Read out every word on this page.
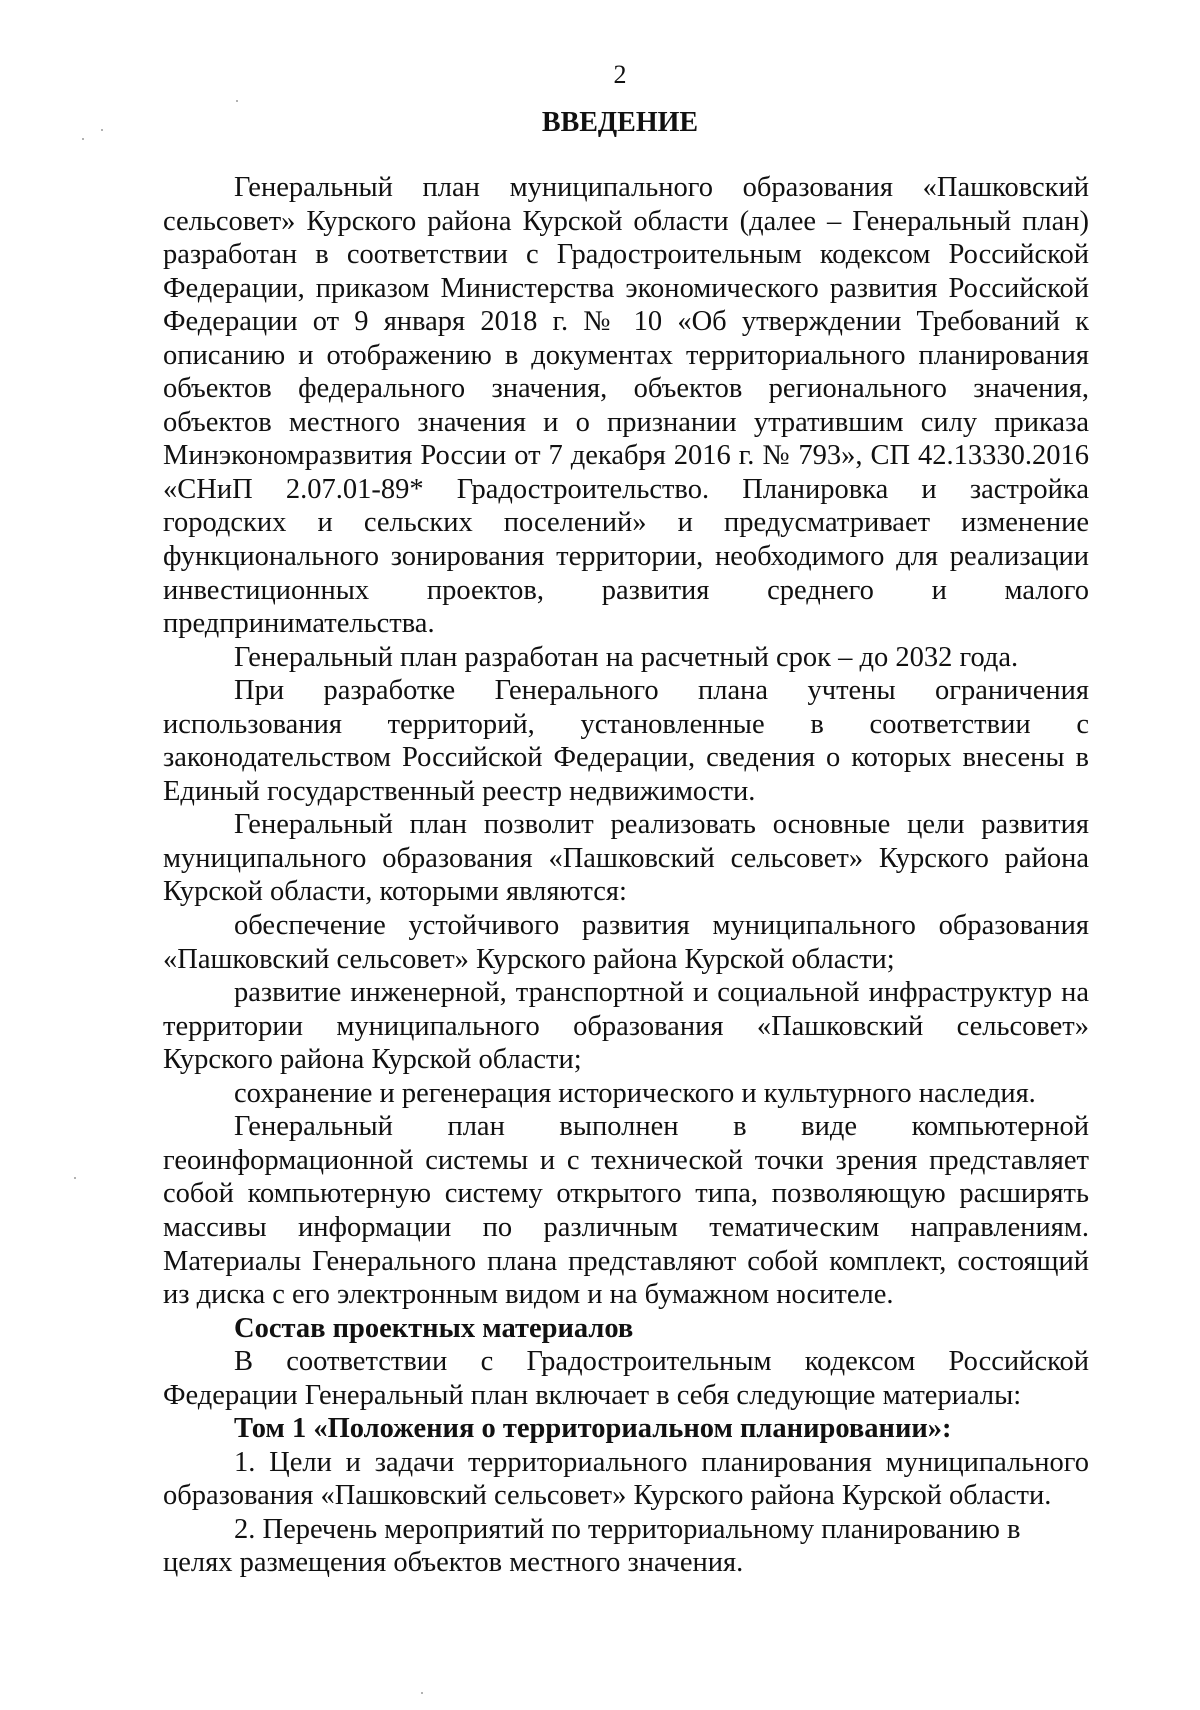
2
ВВЕДЕНИЕ

Генеральный план муниципального образования «Пашковский сельсовет» Курского района Курской области (далее – Генеральный план) разработан в соответствии с Градостроительным кодексом Российской Федерации, приказом Министерства экономического развития Российской Федерации от 9 января 2018 г. № 10 «Об утверждении Требований к описанию и отображению в документах территориального планирования объектов федерального значения, объектов регионального значения, объектов местного значения и о признании утратившим силу приказа Минэкономразвития России от 7 декабря 2016 г. № 793», СП 42.13330.2016 «СНиП 2.07.01-89* Градостроительство. Планировка и застройка городских и сельских поселений» и предусматривает изменение функционального зонирования территории, необходимого для реализации инвестиционных проектов, развития среднего и малого предпринимательства.

Генеральный план разработан на расчетный срок – до 2032 года.

При разработке Генерального плана учтены ограничения использования территорий, установленные в соответствии с законодательством Российской Федерации, сведения о которых внесены в Единый государственный реестр недвижимости.

Генеральный план позволит реализовать основные цели развития муниципального образования «Пашковский сельсовет» Курского района Курской области, которыми являются:

обеспечение устойчивого развития муниципального образования «Пашковский сельсовет» Курского района Курской области;

развитие инженерной, транспортной и социальной инфраструктур на территории муниципального образования «Пашковский сельсовет» Курского района Курской области;

сохранение и регенерация исторического и культурного наследия.

Генеральный план выполнен в виде компьютерной геоинформационной системы и с технической точки зрения представляет собой компьютерную систему открытого типа, позволяющую расширять массивы информации по различным тематическим направлениям. Материалы Генерального плана представляют собой комплект, состоящий из диска с его электронным видом и на бумажном носителе.

Состав проектных материалов

В соответствии с Градостроительным кодексом Российской Федерации Генеральный план включает в себя следующие материалы:

Том 1 «Положения о территориальном планировании»:

1. Цели и задачи территориального планирования муниципального образования «Пашковский сельсовет» Курского района Курской области.

2. Перечень мероприятий по территориальному планированию в целях размещения объектов местного значения.
